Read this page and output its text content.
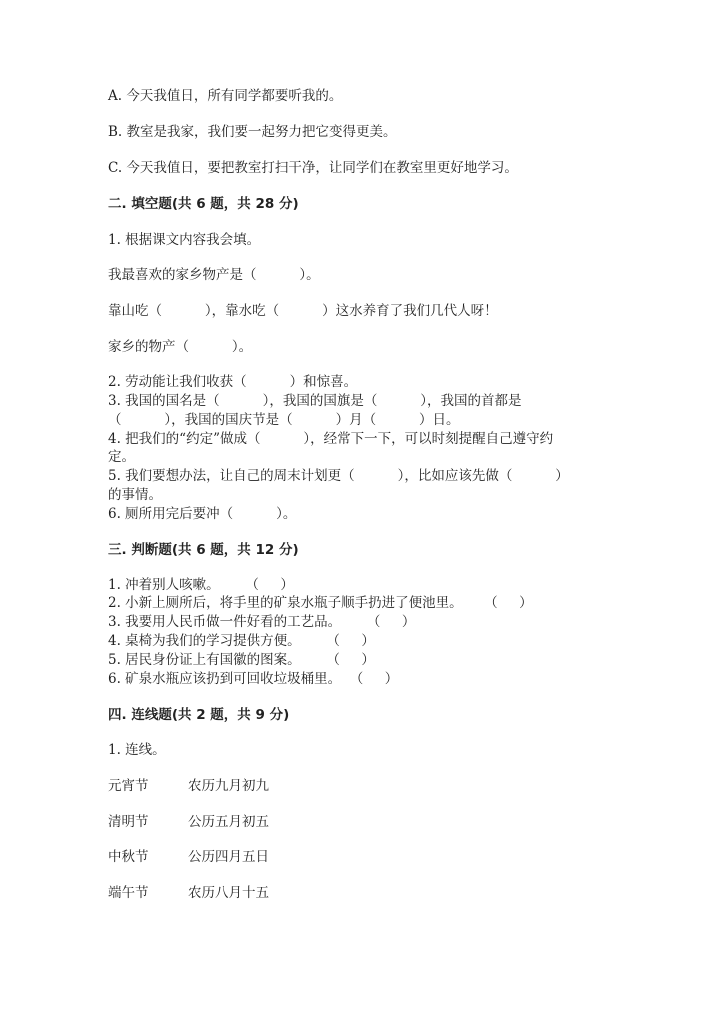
A. 今天我值日，所有同学都要听我的。
B. 教室是我家，我们要一起努力把它变得更美。
C. 今天我值日，要把教室打扫干净，让同学们在教室里更好地学习。
二. 填空题(共 6 题，共 28 分)
1. 根据课文内容我会填。
我最喜欢的家乡物产是（          ）。
靠山吃（          ），靠水吃（          ）这水养育了我们几代人呀！
家乡的物产（          ）。
2. 劳动能让我们收获（          ）和惊喜。
3. 我国的国名是（          ），我国的国旗是（          ），我国的首都是
（          ），我国的国庆节是（          ）月（          ）日。
4. 把我们的“约定”做成（          ），经常下一下，可以时刻提醒自己遵守约
定。
5. 我们要想办法，让自己的周末计划更（          ），比如应该先做（          ）
的事情。
6. 厕所用完后要冲（          ）。
三. 判断题(共 6 题，共 12 分)
1. 冲着别人咳嗽。      （     ）
2. 小新上厕所后，将手里的矿泉水瓶子顺手扔进了便池里。     （     ）
3. 我要用人民币做一件好看的工艺品。      （     ）
4. 桌椅为我们的学习提供方便。      （     ）
5. 居民身份证上有国徽的图案。      （     ）
6. 矿泉水瓶应该扔到可回收垃圾桶里。  （     ）
四. 连线题(共 2 题，共 9 分)
1. 连线。
元宵节	农历九月初九
清明节	公历五月初五
中秋节	公历四月五日
端午节	农历八月十五
